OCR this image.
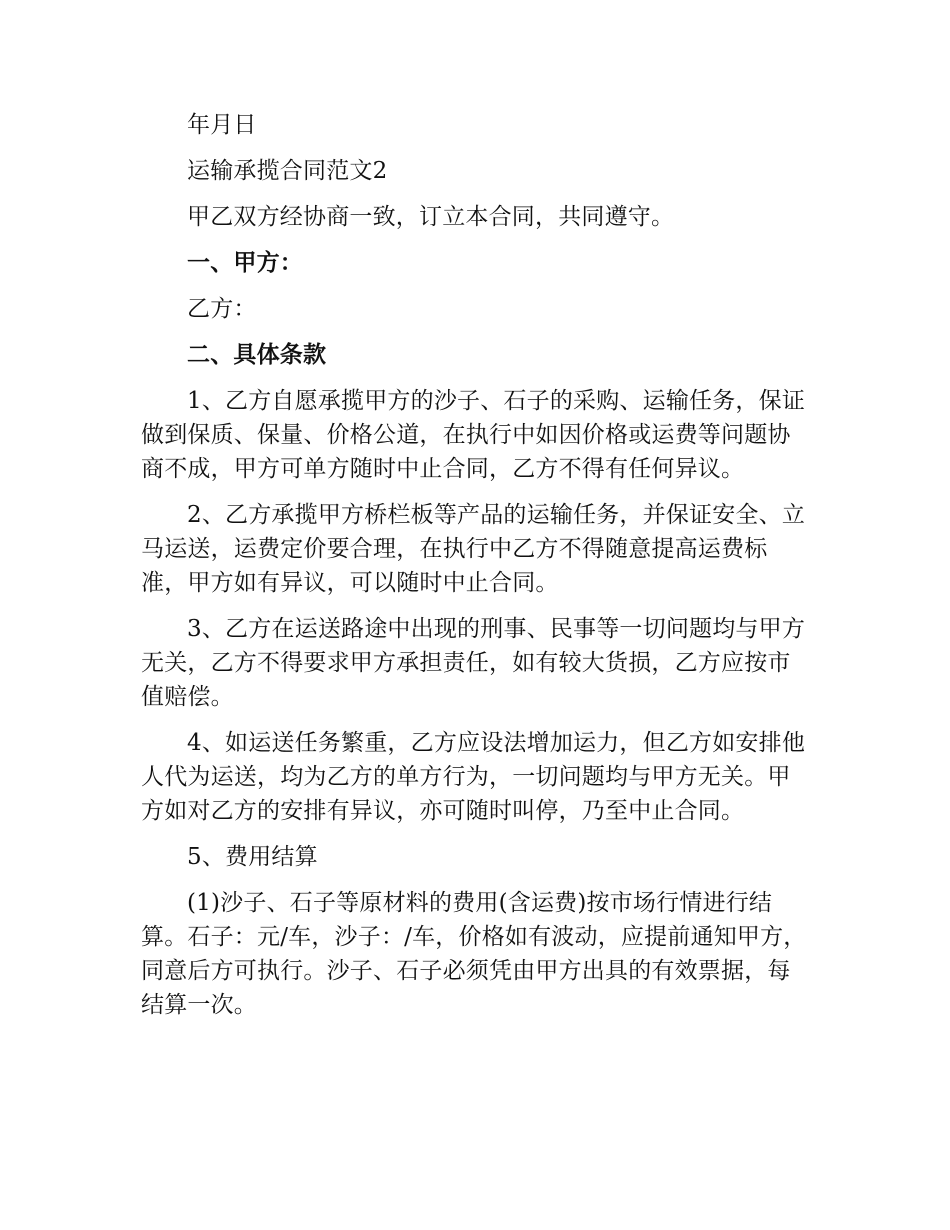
年月日

运输承揽合同范文2

甲乙双方经协商一致，订立本合同，共同遵守。

一、甲方：

乙方：

二、具体条款

1、乙方自愿承揽甲方的沙子、石子的采购、运输任务，保证做到保质、保量、价格公道，在执行中如因价格或运费等问题协商不成，甲方可单方随时中止合同，乙方不得有任何异议。

2、乙方承揽甲方桥栏板等产品的运输任务，并保证安全、立马运送，运费定价要合理，在执行中乙方不得随意提高运费标准，甲方如有异议，可以随时中止合同。

3、乙方在运送路途中出现的刑事、民事等一切问题均与甲方无关，乙方不得要求甲方承担责任，如有较大货损，乙方应按市值赔偿。

4、如运送任务繁重，乙方应设法增加运力，但乙方如安排他人代为运送，均为乙方的单方行为，一切问题均与甲方无关。甲方如对乙方的安排有异议，亦可随时叫停，乃至中止合同。

5、费用结算

(1)沙子、石子等原材料的费用(含运费)按市场行情进行结算。石子：元/车，沙子：/车，价格如有波动，应提前通知甲方，同意后方可执行。沙子、石子必须凭由甲方出具的有效票据，每结算一次。
